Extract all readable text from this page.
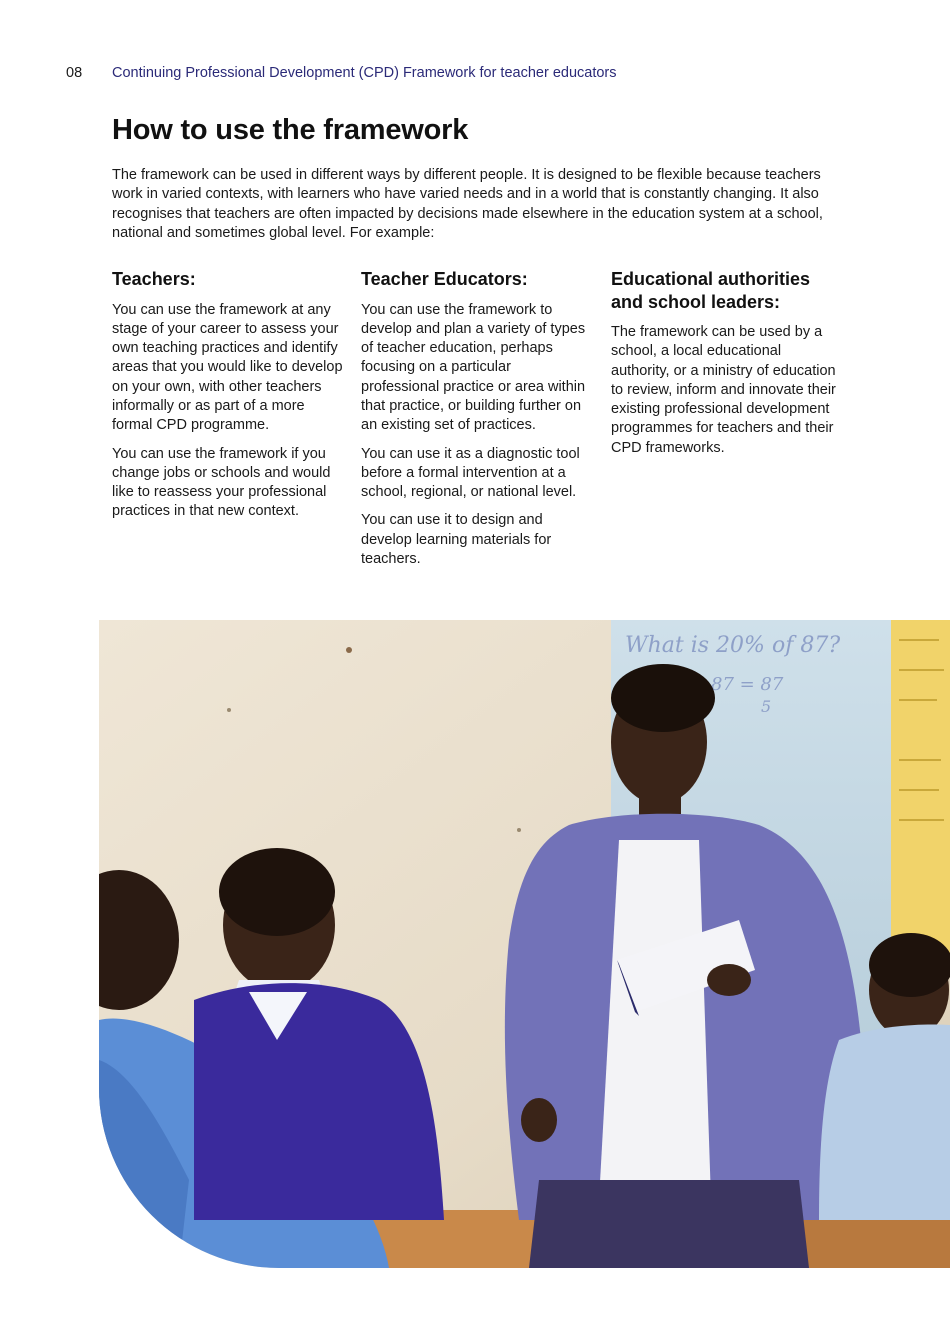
08 Continuing Professional Development (CPD) Framework for teacher educators
How to use the framework

The framework can be used in different ways by different people. It is designed to be flexible because teachers work in varied contexts, with learners who have varied needs and in a world that is constantly changing. It also recognises that teachers are often impacted by decisions made elsewhere in the education system at a school, national and sometimes global level. For example:

Teachers:

You can use the framework at any stage of your career to assess your own teaching practices and identify areas that you would like to develop on your own, with other teachers informally or as part of a more formal CPD programme.

You can use the framework if you change jobs or schools and would like to reassess your professional practices in that new context.

Teacher Educators:

You can use the framework to develop and plan a variety of types of teacher education, perhaps focusing on a particular professional practice or area within that practice, or building further on an existing set of practices.

You can use it as a diagnostic tool before a formal intervention at a school, regional, or national level.

You can use it to design and develop learning materials for teachers.

Educational authorities and school leaders:

The framework can be used by a school, a local educational authority, or a ministry of education to review, inform and innovate their existing professional development programmes for teachers and their CPD frameworks.

What is 20% of 87?
87 = 87
5
